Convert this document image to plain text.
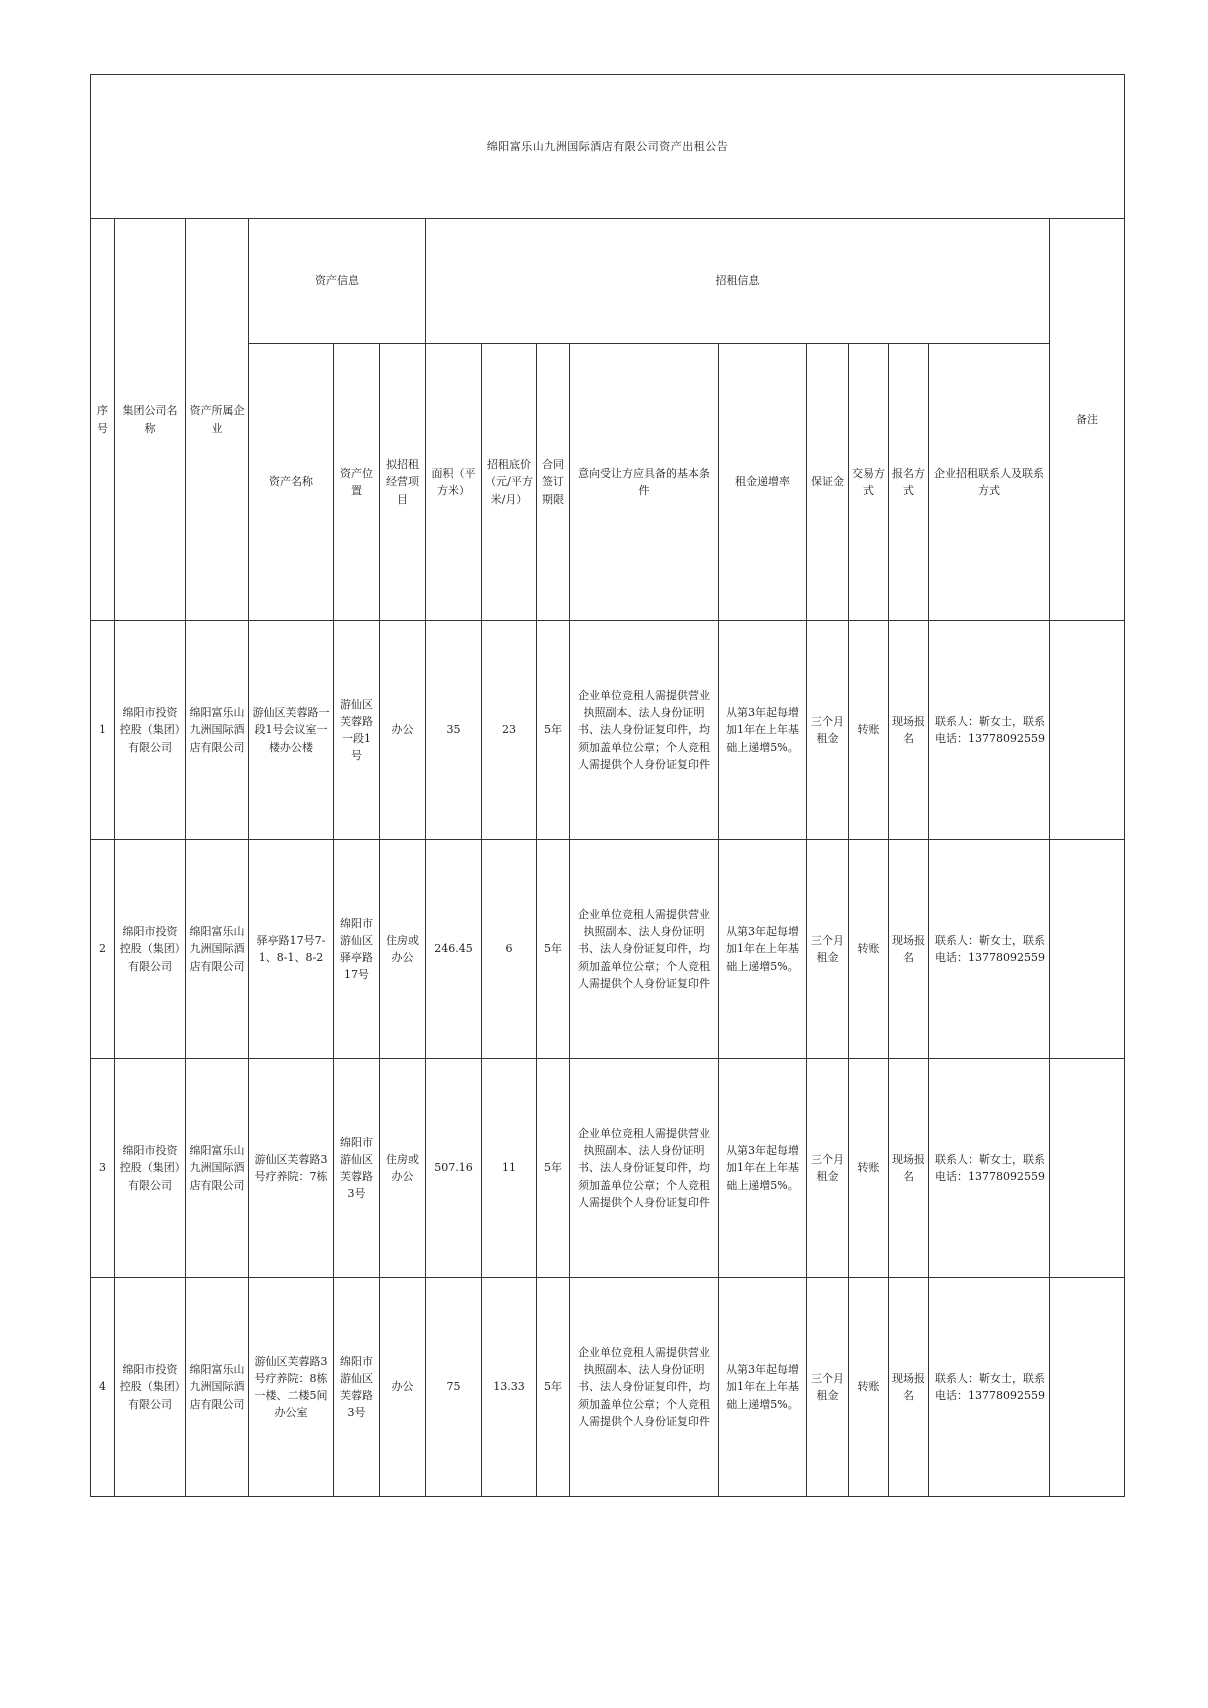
绵阳富乐山九洲国际酒店有限公司资产出租公告															
序号	集团公司名称	资产所属企业	资产信息			招租信息									备注
			资产名称	资产位置	拟招租经营项目	面积（平方米）	招租底价（元/平方米/月）	合同签订期限	意向受让方应具备的基本条件	租金递增率	保证金	交易方式	报名方式	企业招租联系人及联系方式	
1	绵阳市投资控股（集团）有限公司	绵阳富乐山九洲国际酒店有限公司	游仙区芙蓉路一段1号会议室一楼办公楼	游仙区芙蓉路一段1号	办公	35	23	5年	企业单位竞租人需提供营业执照副本、法人身份证明书、法人身份证复印件，均须加盖单位公章；个人竞租人需提供个人身份证复印件	从第3年起每增加1年在上年基础上递增5%。	三个月租金	转账	现场报名	联系人：靳女士，联系电话：13778092559	
2	绵阳市投资控股（集团）有限公司	绵阳富乐山九洲国际酒店有限公司	驿亭路17号7-1、8-1、8-2	绵阳市游仙区驿亭路17号	住房或办公	246.45	6	5年	企业单位竞租人需提供营业执照副本、法人身份证明书、法人身份证复印件，均须加盖单位公章；个人竞租人需提供个人身份证复印件	从第3年起每增加1年在上年基础上递增5%。	三个月租金	转账	现场报名	联系人：靳女士，联系电话：13778092559	
3	绵阳市投资控股（集团）有限公司	绵阳富乐山九洲国际酒店有限公司	游仙区芙蓉路3号疗养院：7栋	绵阳市游仙区芙蓉路3号	住房或办公	507.16	11	5年	企业单位竞租人需提供营业执照副本、法人身份证明书、法人身份证复印件，均须加盖单位公章；个人竞租人需提供个人身份证复印件	从第3年起每增加1年在上年基础上递增5%。	三个月租金	转账	现场报名	联系人：靳女士，联系电话：13778092559	
4	绵阳市投资控股（集团）有限公司	绵阳富乐山九洲国际酒店有限公司	游仙区芙蓉路3号疗养院：8栋一楼、二楼5间办公室	绵阳市游仙区芙蓉路3号	办公	75	13.33	5年	企业单位竞租人需提供营业执照副本、法人身份证明书、法人身份证复印件，均须加盖单位公章；个人竞租人需提供个人身份证复印件	从第3年起每增加1年在上年基础上递增5%。	三个月租金	转账	现场报名	联系人：靳女士，联系电话：13778092559	
